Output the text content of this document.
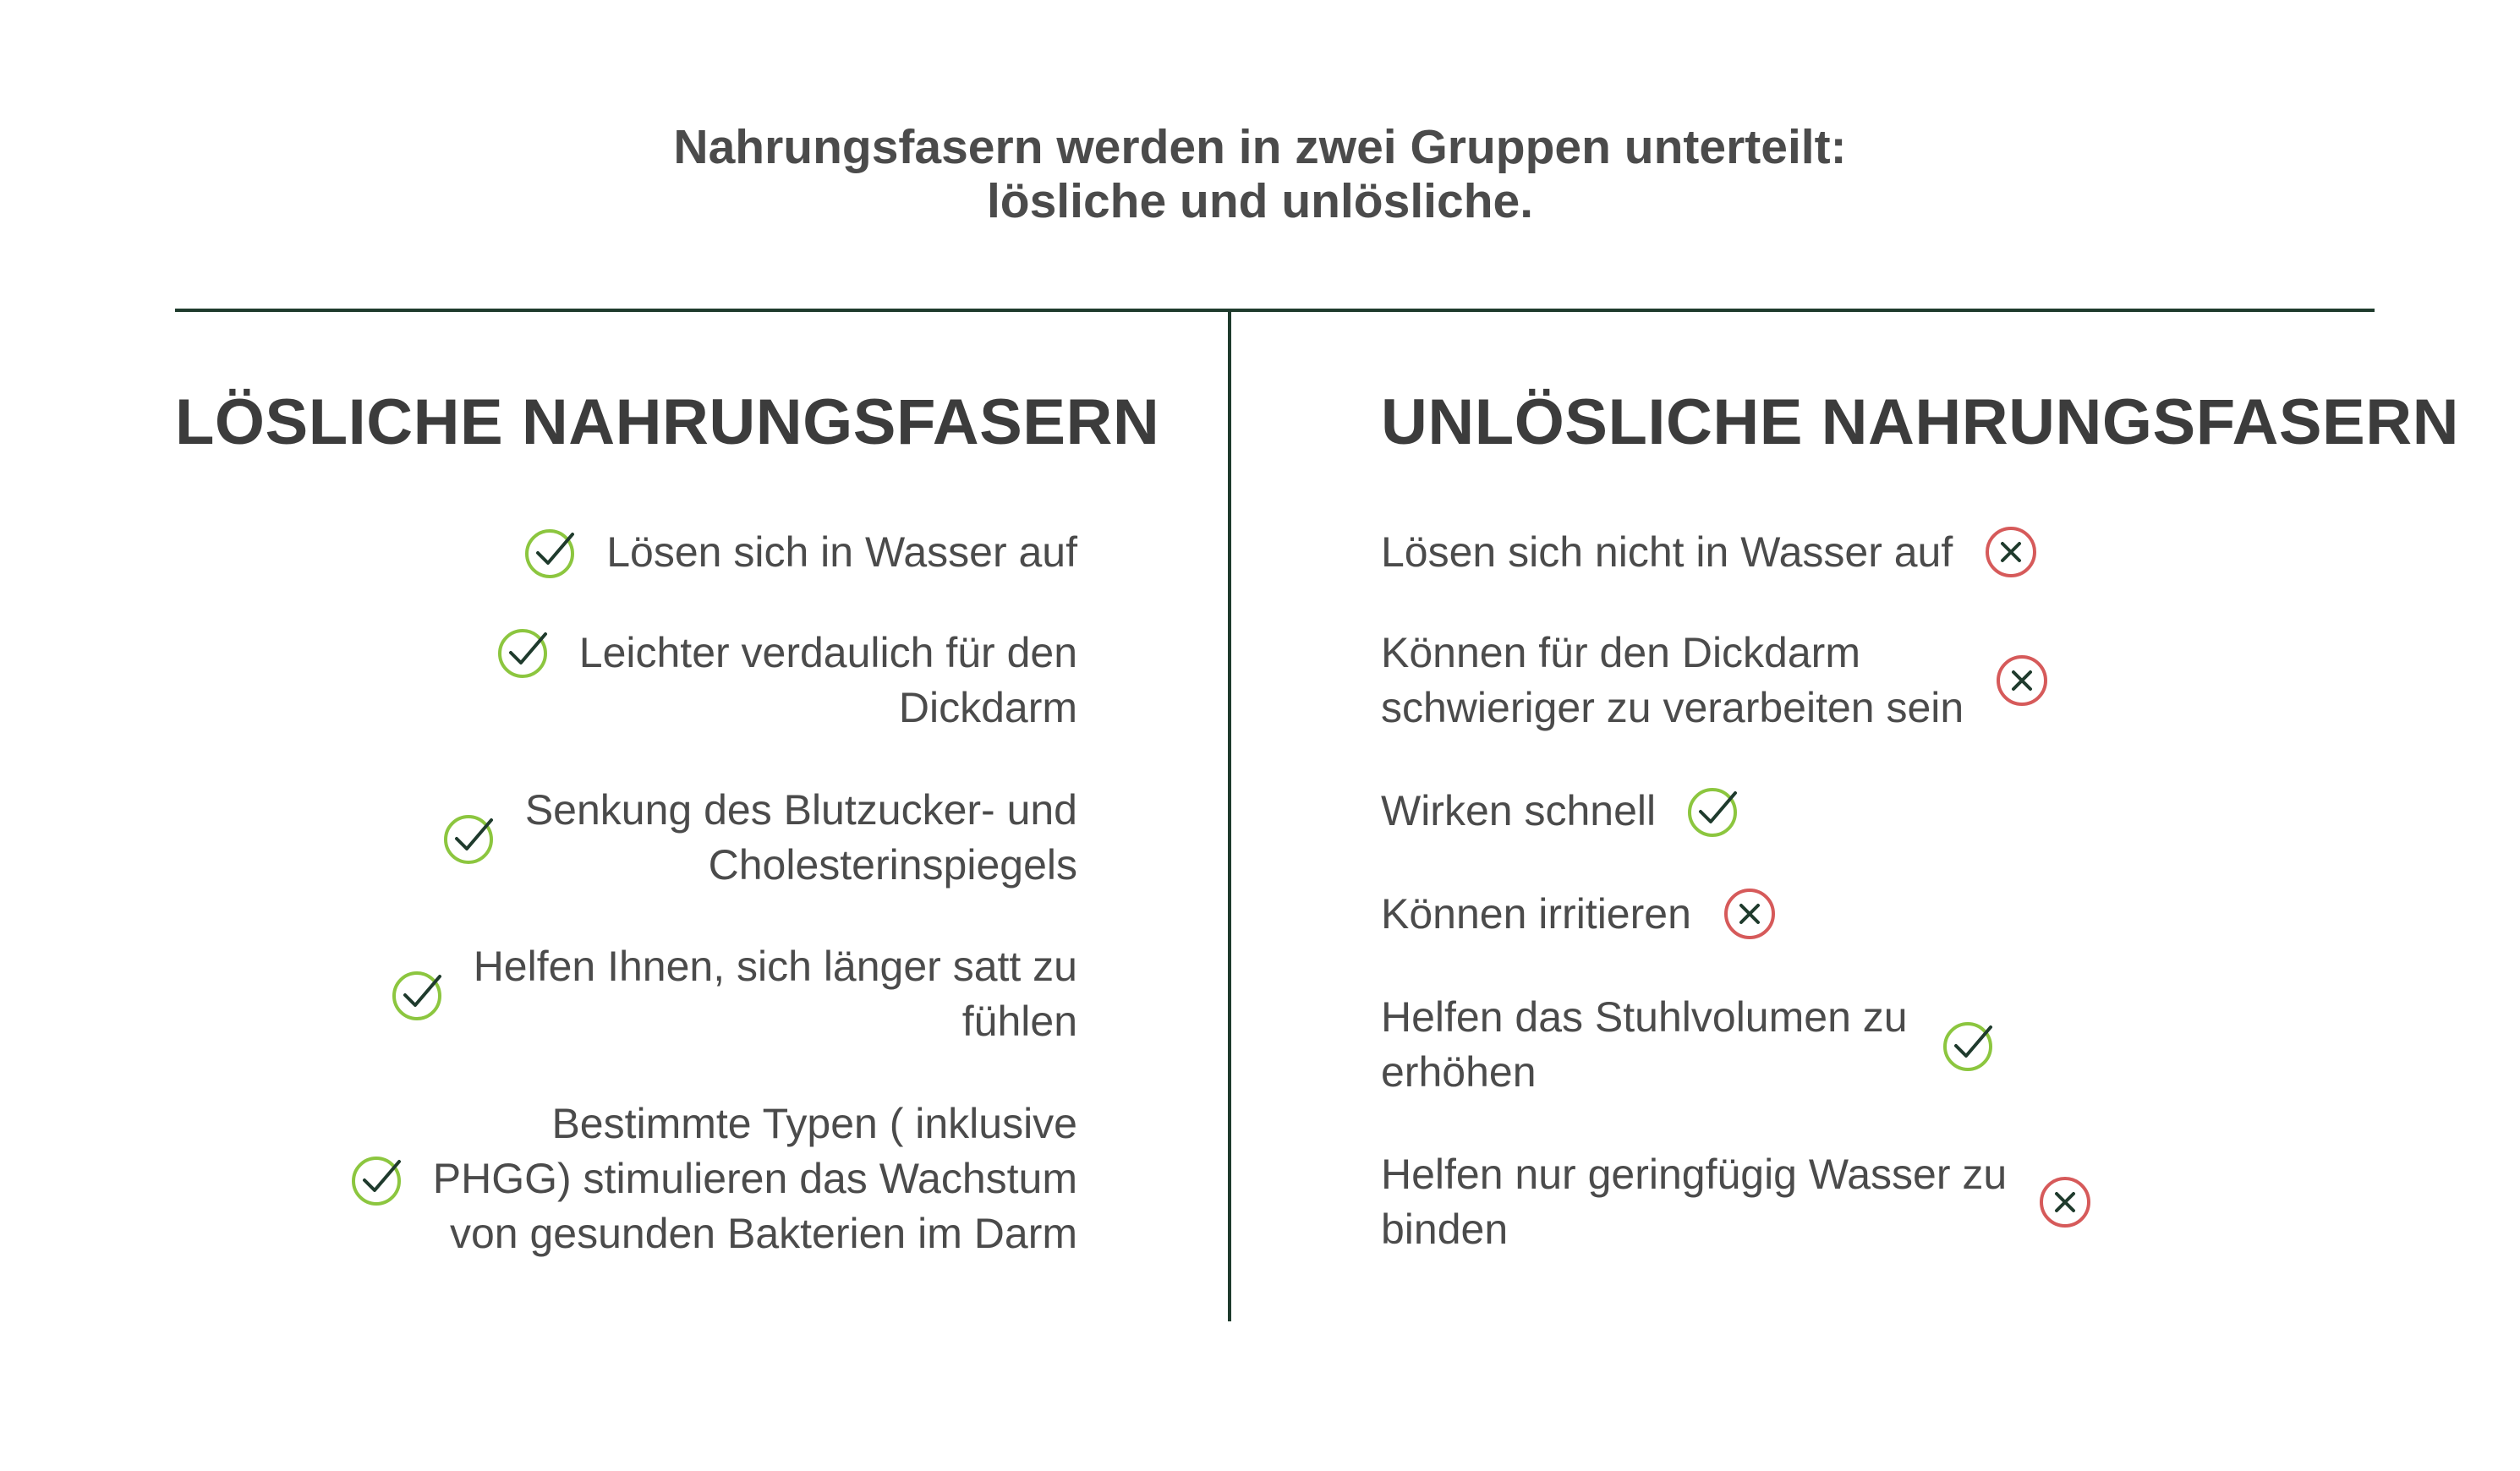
Nahrungsfasern werden in zwei Gruppen unterteilt:
lösliche und unlösliche.
LÖSLICHE NAHRUNGSFASERN	UNLÖSLICHE NAHRUNGSFASERN
Lösen sich in Wasser auf
Leichter verdaulich für den
Dickdarm
Senkung des Blutzucker- und
Cholesterinspiegels
Helfen Ihnen, sich länger satt zu
fühlen
Bestimmte Typen ( inklusive
PHGG) stimulieren das Wachstum
von gesunden Bakterien im Darm
Lösen sich nicht in Wasser auf
Können für den Dickdarm
schwieriger zu verarbeiten sein
Wirken schnell
Können irritieren
Helfen das Stuhlvolumen zu
erhöhen
Helfen nur geringfügig Wasser zu
binden
